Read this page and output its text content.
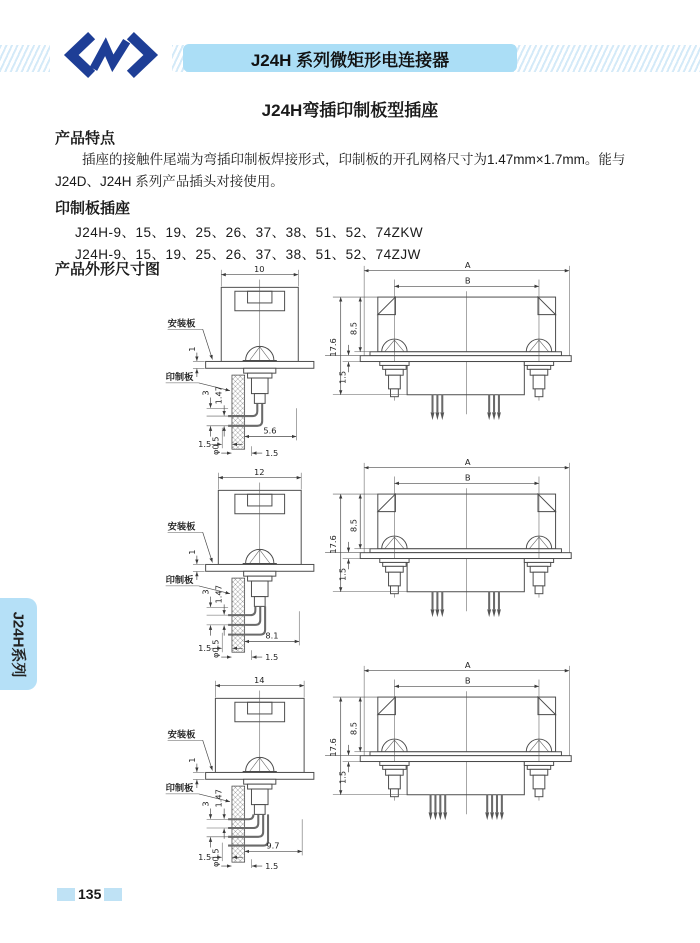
J24H 系列微矩形电连接器
J24H弯插印制板型插座
产品特点
插座的接触件尾端为弯插印制板焊接形式，印制板的开孔网格尺寸为1.47mm×1.7mm。能与J24D、J24H 系列产品插头对接使用。
印制板插座
J24H-9、15、19、25、26、37、38、51、52、74ZKW
J24H-9、15、19、25、26、37、38、51、52、74ZJW
产品外形尺寸图	10
1
安装板
印制板
1.47
3
φ0.5
5.6
1.5
1.5
A
B
17.6
8.5
1.5
12
1
安装板
印制板
1.47
3
φ0.5
8.1
1.5
1.5
A
B
17.6
8.5
1.5
14
1
安装板
印制板
1.47
3
φ0.5
9.7
1.5
1.5
A
B
17.6
8.5
1.5
J24H系列
135
